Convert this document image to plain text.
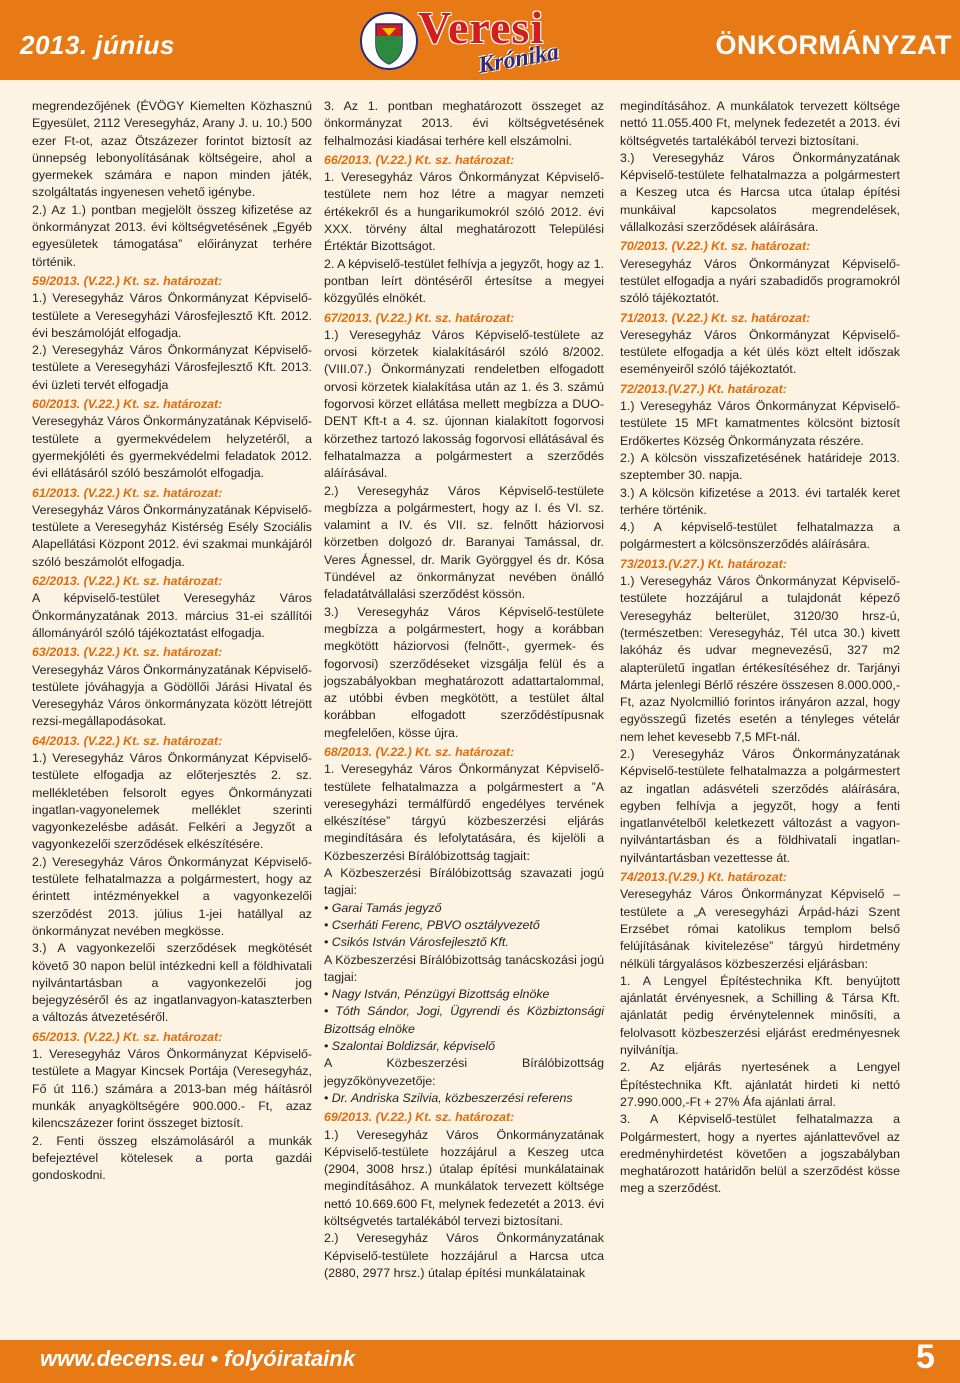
2013. június	ÖNKORMÁNYZAT
Veresi
Krónika

megrendezőjének (ÉVÖGY Kiemelten Közhasznú Egyesület, 2112 Veresegyház, Arany J. u. 10.) 500 ezer Ft-ot, azaz Ötszázezer forintot biztosít az ünnepség lebonyolításának költségeire, ahol a gyermekek számára e napon minden játék, szolgáltatás ingyenesen vehető igénybe.

2.) Az 1.) pontban megjelölt összeg kifizetése az önkormányzat 2013. évi költségvetésének „Egyéb egyesületek támogatása” előirányzat terhére történik.

59/2013. (V.22.) Kt. sz. határozat:

1.) Veresegyház Város Önkormányzat Képviselő-testülete a Veresegyházi Városfejlesztő Kft. 2012. évi beszámolóját elfogadja.

2.) Veresegyház Város Önkormányzat Képviselő-testülete a Veresegyházi Városfejlesztő Kft. 2013. évi üzleti tervét elfogadja

60/2013. (V.22.) Kt. sz. határozat:

Veresegyház Város Önkormányzatának Képviselő-testülete a gyermekvédelem helyzetéről, a gyermekjóléti és gyermekvédelmi feladatok 2012. évi ellátásáról szóló beszámolót elfogadja.

61/2013. (V.22.) Kt. sz. határozat:

Veresegyház Város Önkormányzatának Képviselő-testülete a Veresegyház Kistérség Esély Szociális Alapellátási Központ 2012. évi szakmai munkájáról szóló beszámolót elfogadja.

62/2013. (V.22.) Kt. sz. határozat:

A képviselő-testület Veresegyház Város Önkormányzatának 2013. március 31-ei szállítói állományáról szóló tájékoztatást elfogadja.

63/2013. (V.22.) Kt. sz. határozat:

Veresegyház Város Önkormányzatának Képviselő-testülete jóváhagyja a Gödöllői Járási Hivatal és Veresegyház Város önkormányzata között létrejött rezsi-megállapodásokat.

64/2013. (V.22.) Kt. sz. határozat:

1.) Veresegyház Város Önkormányzat Képviselő-testülete elfogadja az előterjesztés 2. sz. mellékletében felsorolt egyes Önkormányzati ingatlan-vagyonelemek melléklet szerinti vagyonkezelésbe adását. Felkéri a Jegyzőt a vagyonkezelői szerződések elkészítésére.

2.) Veresegyház Város Önkormányzat Képviselő-testülete felhatalmazza a polgármestert, hogy az érintett intézményekkel a vagyonkezelői szerződést 2013. július 1-jei hatállyal az önkormányzat nevében megkösse.

3.) A vagyonkezelői szerződések megkötését követő 30 napon belül intézkedni kell a földhivatali nyilvántartásban a vagyonkezelői jog bejegyzéséről és az ingatlanvagyon-kataszterben a változás átvezetéséről.

65/2013. (V.22.) Kt. sz. határozat:

1. Veresegyház Város Önkormányzat Képviselő-testülete a Magyar Kincsek Portája (Veresegyház, Fő út 116.) számára a 2013-ban még háításról munkák anyagköltségére 900.000.- Ft, azaz kilencszázezer forint összeget biztosít.

2. Fenti összeg elszámolásáról a munkák befejeztével kötelesek a porta gazdái gondoskodni.

3. Az 1. pontban meghatározott összeget az önkormányzat 2013. évi költségvetésének felhalmozási kiadásai terhére kell elszámolni.

66/2013. (V.22.) Kt. sz. határozat:

1. Veresegyház Város Önkormányzat Képviselő-testülete nem hoz létre a magyar nemzeti értékekről és a hungarikumokról szóló 2012. évi XXX. törvény által meghatározott Települési Értéktár Bizottságot.

2. A képviselő-testület felhívja a jegyzőt, hogy az 1. pontban leírt döntéséről értesítse a megyei közgyűlés elnökét.

67/2013. (V.22.) Kt. sz. határozat:

1.) Veresegyház Város Képviselő-testülete az orvosi körzetek kialakításáról szóló 8/2002. (VIII.07.) Önkormányzati rendeletben elfogadott orvosi körzetek kialakítása után az 1. és 3. számú fogorvosi körzet ellátása mellett megbízza a DUO-DENT Kft-t a 4. sz. újonnan kialakított fogorvosi körzethez tartozó lakosság fogorvosi ellátásával és felhatalmazza a polgármestert a szerződés aláírásával.

2.) Veresegyház Város Képviselő-testülete megbízza a polgármestert, hogy az I. és VI. sz. valamint a IV. és VII. sz. felnőtt háziorvosi körzetben dolgozó dr. Baranyai Tamással, dr. Veres Ágnessel, dr. Marik Györggyel és dr. Kósa Tündével az önkormányzat nevében önálló feladatátvállalási szerződést kössön.

3.) Veresegyház Város Képviselő-testülete megbízza a polgármestert, hogy a korábban megkötött háziorvosi (felnőtt-, gyermek- és fogorvosi) szerződéseket vizsgálja felül és a jogszabályokban meghatározott adattartalommal, az utóbbi évben megkötött, a testület által korábban elfogadott szerződéstípusnak megfelelően, kösse újra.

68/2013. (V.22.) Kt. sz. határozat:

1. Veresegyház Város Önkormányzat Képviselő-testülete felhatalmazza a polgármestert a ”A veresegyházi termálfürdő engedélyes tervének elkészítése” tárgyú közbeszerzési eljárás megindítására és lefolytatására, és kijelöli a Közbeszerzési Bírálóbizottság tagjait:

A Közbeszerzési Bírálóbizottság szavazati jogú tagjai:

• Garai Tamás jegyző

• Cserháti Ferenc, PBVO osztályvezető

• Csikós István Városfejlesztő Kft.

A Közbeszerzési Bírálóbizottság tanácskozási jogú tagjai:

• Nagy István, Pénzügyi Bizottság elnöke

• Tóth Sándor, Jogi, Ügyrendi és Közbiztonsági Bizottság elnöke

• Szalontai Boldizsár, képviselő

A Közbeszerzési Bírálóbizottság jegyzőkönyvezetője:

• Dr. Andriska Szilvia, közbeszerzési referens

69/2013. (V.22.) Kt. sz. határozat:

1.) Veresegyház Város Önkormányzatának Képviselő-testülete hozzájárul a Keszeg utca (2904, 3008 hrsz.) útalap építési munkálatainak megindításához. A munkálatok tervezett költsége nettó 10.669.600 Ft, melynek fedezetét a 2013. évi költségvetés tartalékából tervezi biztosítani.

2.) Veresegyház Város Önkormányzatának Képviselő-testülete hozzájárul a Harcsa utca (2880, 2977 hrsz.) útalap építési munkálatainak

megindításához. A munkálatok tervezett költsége nettó 11.055.400 Ft, melynek fedezetét a 2013. évi költségvetés tartalékából tervezi biztosítani.

3.) Veresegyház Város Önkormányzatának Képviselő-testülete felhatalmazza a polgármestert a Keszeg utca és Harcsa utca útalap építési munkáival kapcsolatos megrendelések, vállalkozási szerződések aláírására.

70/2013. (V.22.) Kt. sz. határozat:

Veresegyház Város Önkormányzat Képviselő-testület elfogadja a nyári szabadidős programokról szóló tájékoztatót.

71/2013. (V.22.) Kt. sz. határozat:

Veresegyház Város Önkormányzat Képviselő-testülete elfogadja a két ülés közt eltelt időszak eseményeiről szóló tájékoztatót.

72/2013.(V.27.) Kt. határozat:

1.) Veresegyház Város Önkormányzat Képviselő-testülete 15 MFt kamatmentes kölcsönt biztosít Erdőkertes Község Önkormányzata részére.

2.) A kölcsön visszafizetésének határideje 2013. szeptember 30. napja.

3.) A kölcsön kifizetése a 2013. évi tartalék keret terhére történik.

4.) A képviselő-testület felhatalmazza a polgármestert a kölcsönszerződés aláírására.

73/2013.(V.27.) Kt. határozat:

1.) Veresegyház Város Önkormányzat Képviselő-testülete hozzájárul a tulajdonát képező Veresegyház belterület, 3120/30 hrsz-ú, (természetben: Veresegyház, Tél utca 30.) kivett lakóház és udvar megnevezésű, 327 m2 alapterületű ingatlan értékesítéséhez dr. Tarjányi Márta jelenlegi Bérlő részére összesen 8.000.000,-Ft, azaz Nyolcmillió forintos irányáron azzal, hogy egyösszegű fizetés esetén a tényleges vételár nem lehet kevesebb 7,5 MFt-nál.

2.) Veresegyház Város Önkormányzatának Képviselő-testülete felhatalmazza a polgármestert az ingatlan adásvételi szerződés aláírására, egyben felhívja a jegyzőt, hogy a fenti ingatlanvételből keletkezett változást a vagyon-nyilvántartásban és a földhivatali ingatlan-nyilvántartásban vezettesse át.

74/2013.(V.29.) Kt. határozat:

Veresegyház Város Önkormányzat Képviselő – testülete a „A veresegyházi Árpád-házi Szent Erzsébet római katolikus templom belső felújításának kivitelezése” tárgyú hirdetmény nélküli tárgyalásos közbeszerzési eljárásban:

1. A Lengyel Építéstechnika Kft. benyújtott ajánlatát érvényesnek, a Schilling & Társa Kft. ajánlatát pedig érvénytelennek minősíti, a felolvasott közbeszerzési eljárást eredményesnek nyilvánítja.

2. Az eljárás nyertesének a Lengyel Építéstechnika Kft. ajánlatát hirdeti ki nettó 27.990.000,-Ft + 27% Áfa ajánlati árral.

3. A Képviselő-testület felhatalmazza a Polgármestert, hogy a nyertes ajánlattevővel az eredményhirdetést követően a jogszabályban meghatározott határidőn belül a szerződést kösse meg a szerződést.

www.decens.eu • folyóirataink	5
